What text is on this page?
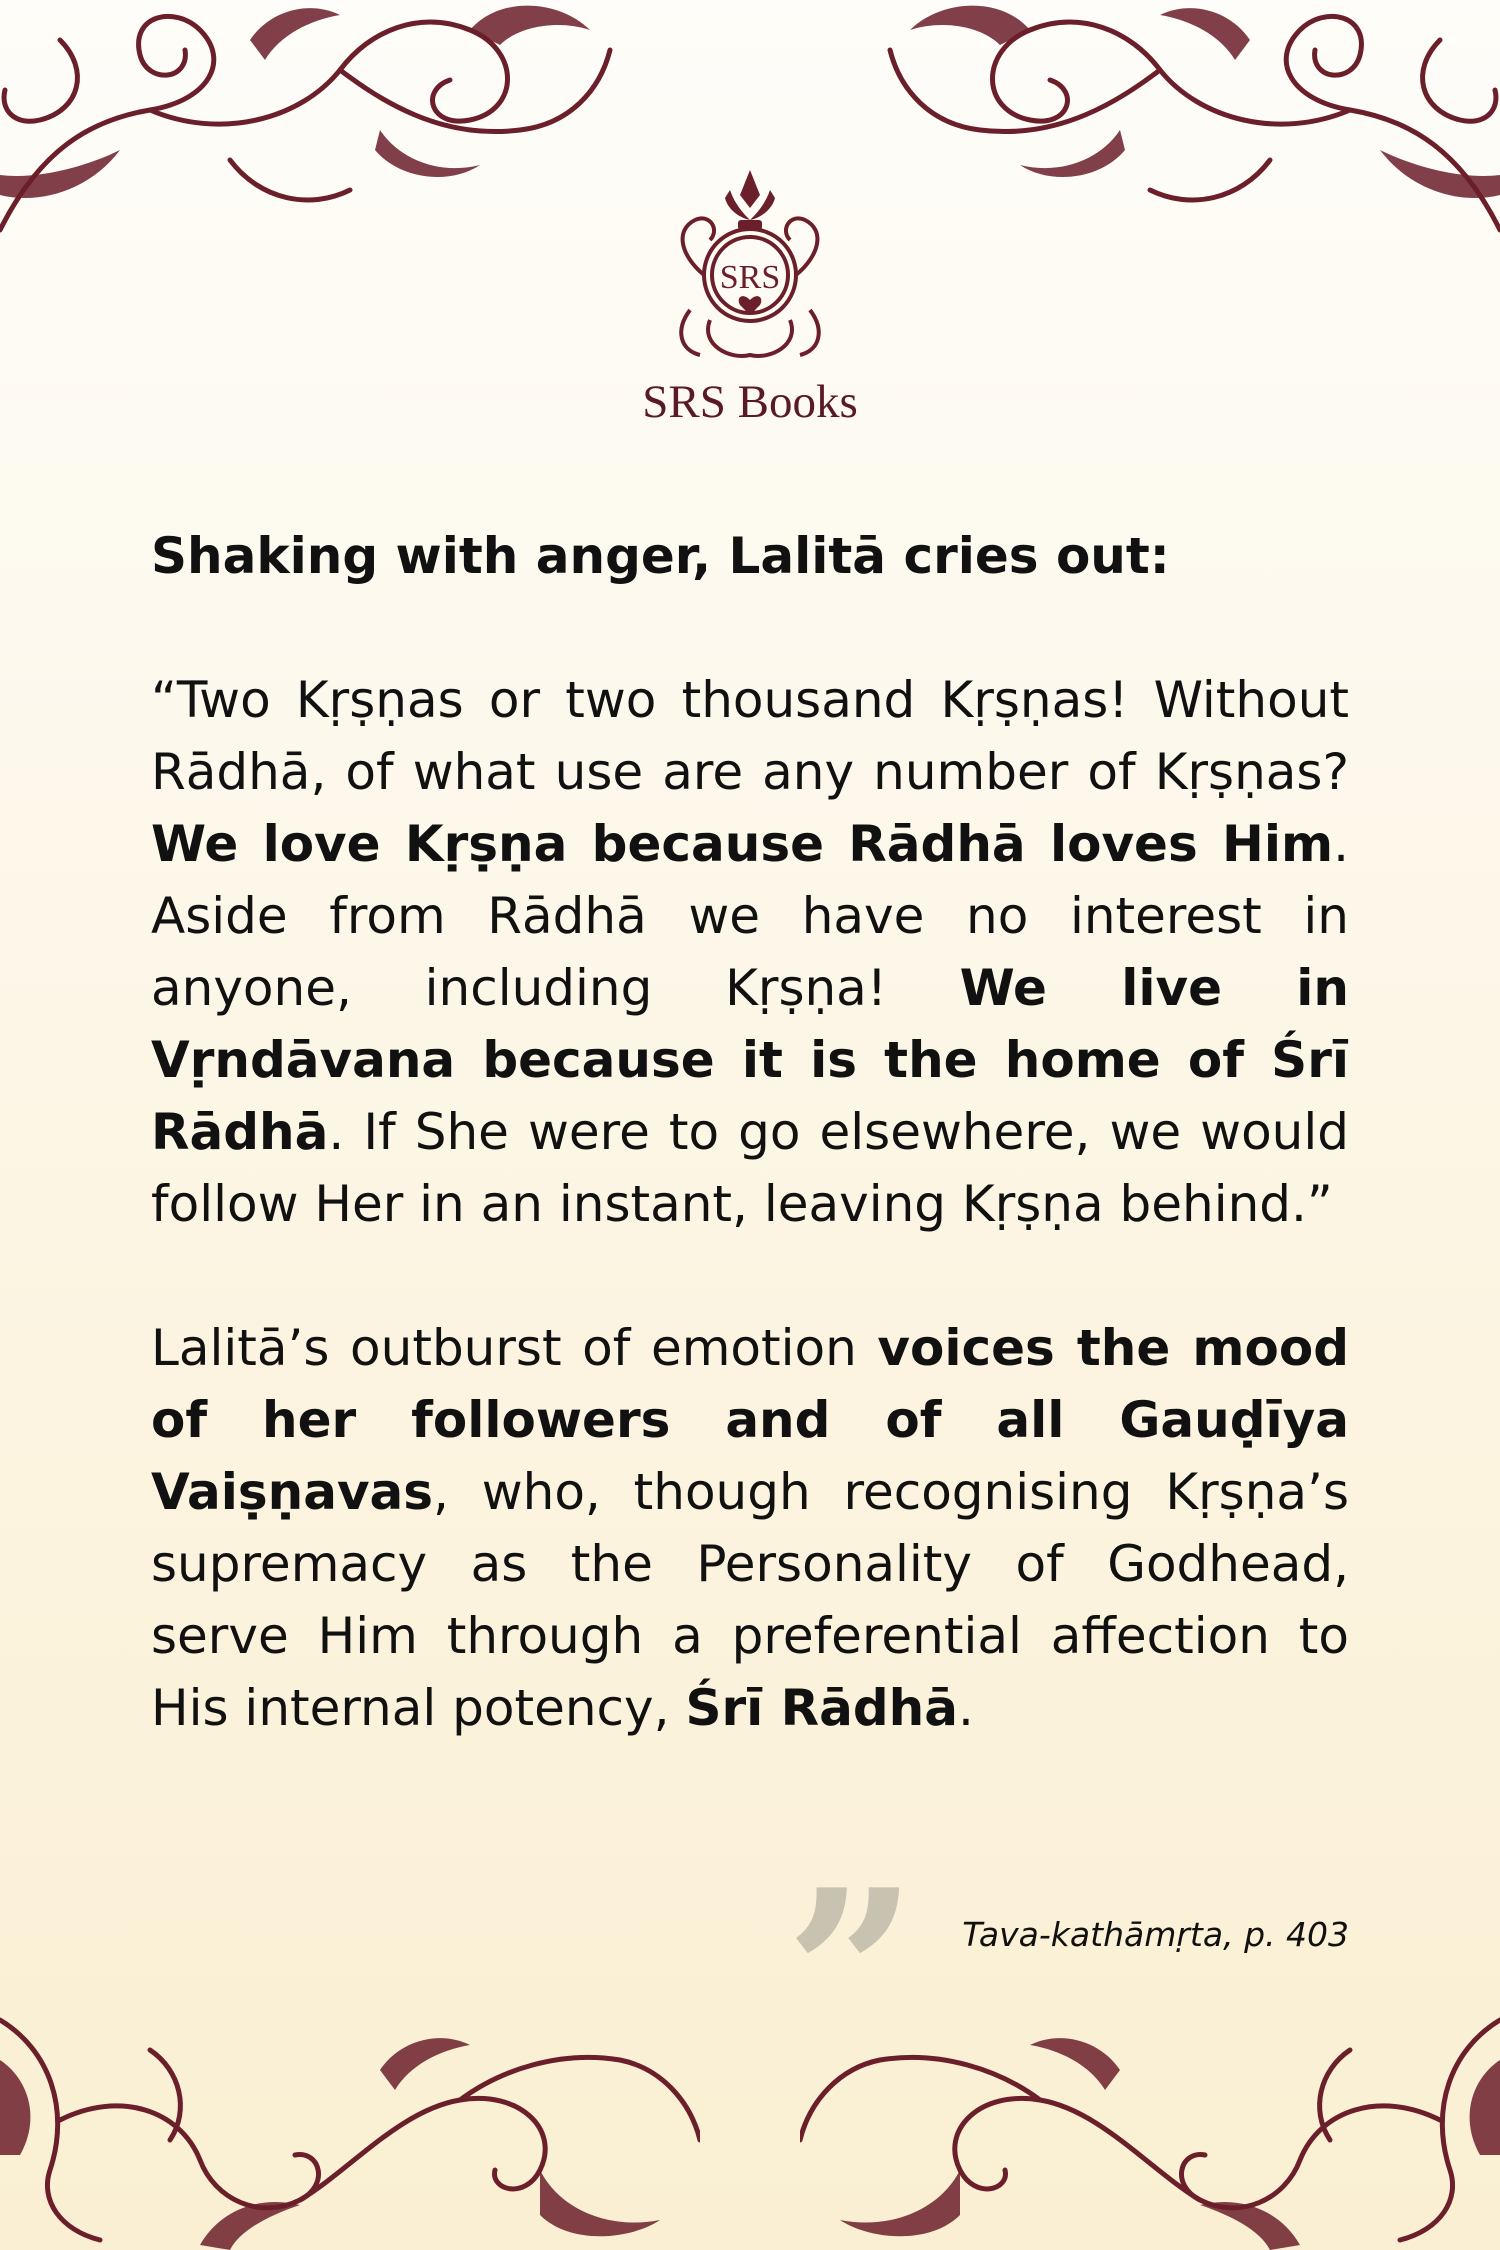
SRS
SRS Books

Shaking with anger, Lalitā cries out:

“Two Kṛṣṇas or two thousand Kṛṣṇas! Without Rādhā, of what use are any number of Kṛṣṇas? We love Kṛṣṇa because Rādhā loves Him. Aside from Rādhā we have no interest in anyone, including Kṛṣṇa! We live in Vṛndāvana because it is the home of Śrī Rādhā. If She were to go elsewhere, we would follow Her in an instant, leaving Kṛṣṇa behind.”

Lalitā’s outburst of emotion voices the mood of her followers and of all Gauḍīya Vaiṣṇavas, who, though recognising Kṛṣṇa’s supremacy as the Personality of Godhead, serve Him through a preferential affection to His internal potency, Śrī Rādhā.

” Tava-kathāmṛta, p. 403
